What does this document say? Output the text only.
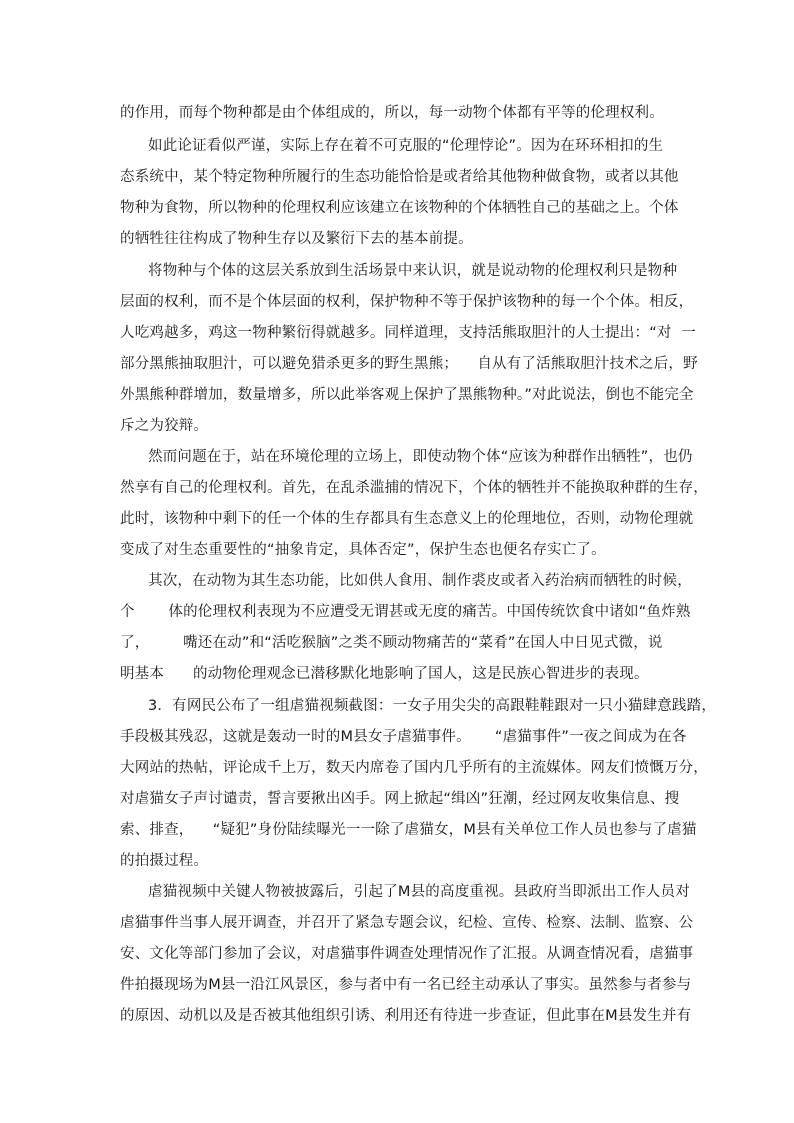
的作用，而每个物种都是由个体组成的，所以，每一动物个体都有平等的伦理权利。
如此论证看似严谨，实际上存在着不可克服的“伦理悖论”。因为在环环相扣的生
态系统中，某个特定物种所履行的生态功能恰恰是或者给其他物种做食物，或者以其他
物种为食物，所以物种的伦理权利应该建立在该物种的个体牺牲自己的基础之上。个体
的牺牲往往构成了物种生存以及繁衍下去的基本前提。
将物种与个体的这层关系放到生活场景中来认识，就是说动物的伦理权利只是物种
层面的权利，而不是个体层面的权利，保护物种不等于保护该物种的每一个个体。相反，
人吃鸡越多，鸡这一物种繁衍得就越多。同样道理，支持活熊取胆汁的人士提出：“对  一
部分黑熊抽取胆汁，可以避免猎杀更多的野生黑熊；    自从有了活熊取胆汁技术之后，野
外黑熊种群增加，数量增多，所以此举客观上保护了黑熊物种。”对此说法，倒也不能完全
斥之为狡辩。
然而问题在于，站在环境伦理的立场上，即使动物个体“应该为种群作出牺牲”，也仍
然享有自己的伦理权利。首先，在乱杀滥捕的情况下，个体的牺牲并不能换取种群的生存，
此时，该物种中剩下的任一个体的生存都具有生态意义上的伦理地位，否则，动物伦理就
变成了对生态重要性的“抽象肯定，具体否定”，保护生态也便名存实亡了。
其次，在动物为其生态功能，比如供人食用、制作裘皮或者入药治病而牺牲的时候，
个       体的伦理权利表现为不应遭受无谓甚或无度的痛苦。中国传统饮食中诸如“鱼炸熟
了，       嘴还在动”和“活吃猴脑”之类不顾动物痛苦的“菜肴”在国人中日见式微，说
明基本      的动物伦理观念已潜移默化地影响了国人，这是民族心智进步的表现。
3．有网民公布了一组虐猫视频截图：一女子用尖尖的高跟鞋鞋跟对一只小猫肆意践踏，
手段极其残忍，这就是轰动一时的M县女子虐猫事件。     “虐猫事件”一夜之间成为在各
大网站的热帖，评论成千上万，数天内席卷了国内几乎所有的主流媒体。网友们愤慨万分，
对虐猫女子声讨谴责，誓言要揪出凶手。网上掀起“缉凶”狂潮，经过网友收集信息、搜
索、排查，    “疑犯”身份陆续曝光一一除了虐猫女，M县有关单位工作人员也参与了虐猫
的拍摄过程。
虐猫视频中关键人物被披露后，引起了M县的高度重视。县政府当即派出工作人员对
虐猫事件当事人展开调查，并召开了紧急专题会议，纪检、宣传、检察、法制、监察、公
安、文化等部门参加了会议，对虐猫事件调查处理情况作了汇报。从调查情况看，虐猫事
件拍摄现场为M县一沿江风景区，参与者中有一名已经主动承认了事实。虽然参与者参与
的原因、动机以及是否被其他组织引诱、利用还有待进一步查证，但此事在M县发生并有
